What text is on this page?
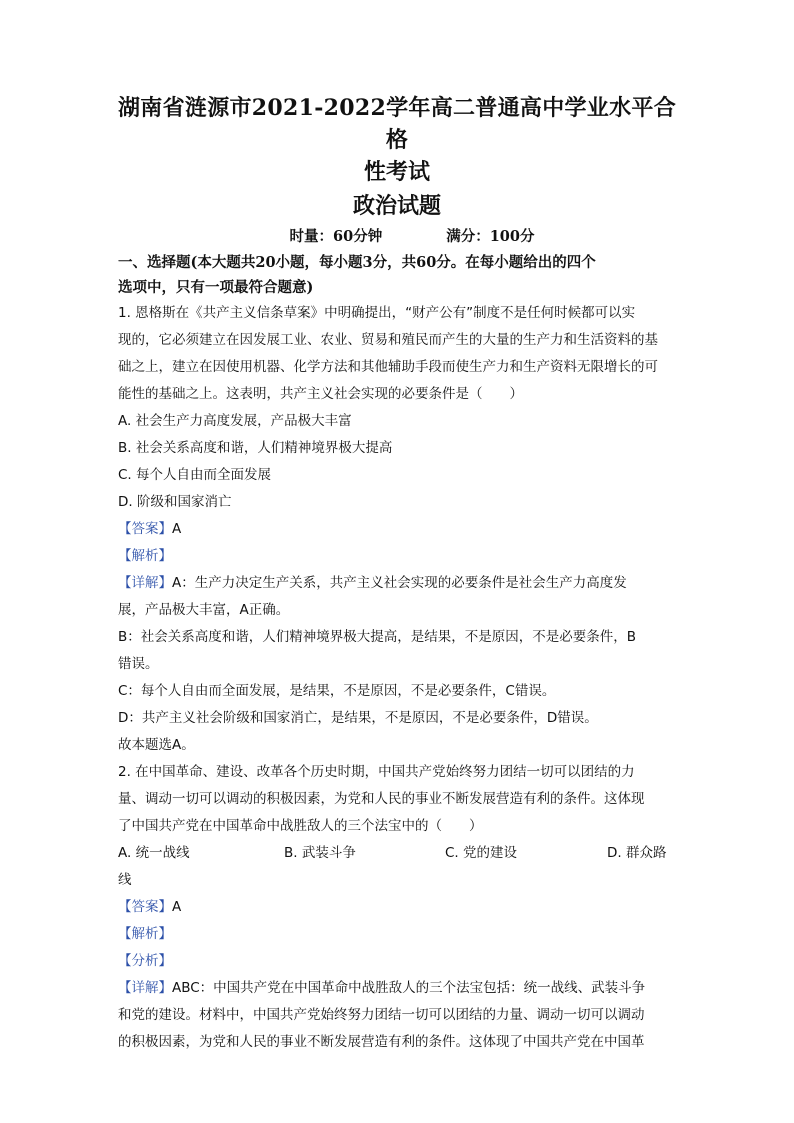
湖南省涟源市2021-2022学年高二普通高中学业水平合格
性考试
政治试题
时量：60分钟	满分：100分
一、选择题(本大题共20小题，每小题3分，共60分。在每小题给出的四个
选项中，只有一项最符合题意)
1. 恩格斯在《共产主义信条草案》中明确提出，“财产公有”制度不是任何时候都可以实
现的，它必须建立在因发展工业、农业、贸易和殖民而产生的大量的生产力和生活资料的基
础之上，建立在因使用机器、化学方法和其他辅助手段而使生产力和生产资料无限增长的可
能性的基础之上。这表明，共产主义社会实现的必要条件是（　　）
A. 社会生产力高度发展，产品极大丰富
B. 社会关系高度和谐，人们精神境界极大提高
C. 每个人自由而全面发展
D. 阶级和国家消亡
【答案】A
【解析】
【详解】A：生产力决定生产关系，共产主义社会实现的必要条件是社会生产力高度发
展，产品极大丰富，A正确。
B：社会关系高度和谐，人们精神境界极大提高，是结果，不是原因，不是必要条件，B
错误。
C：每个人自由而全面发展，是结果，不是原因，不是必要条件，C错误。
D：共产主义社会阶级和国家消亡，是结果，不是原因，不是必要条件，D错误。
故本题选A。
2. 在中国革命、建设、改革各个历史时期，中国共产党始终努力团结一切可以团结的力
量、调动一切可以调动的积极因素，为党和人民的事业不断发展营造有利的条件。这体现
了中国共产党在中国革命中战胜敌人的三个法宝中的（　　）
A. 统一战线	B. 武装斗争	C. 党的建设	D. 群众路
线
【答案】A
【解析】
【分析】
【详解】ABC：中国共产党在中国革命中战胜敌人的三个法宝包括：统一战线、武装斗争
和党的建设。材料中，中国共产党始终努力团结一切可以团结的力量、调动一切可以调动
的积极因素，为党和人民的事业不断发展营造有利的条件。这体现了中国共产党在中国革
